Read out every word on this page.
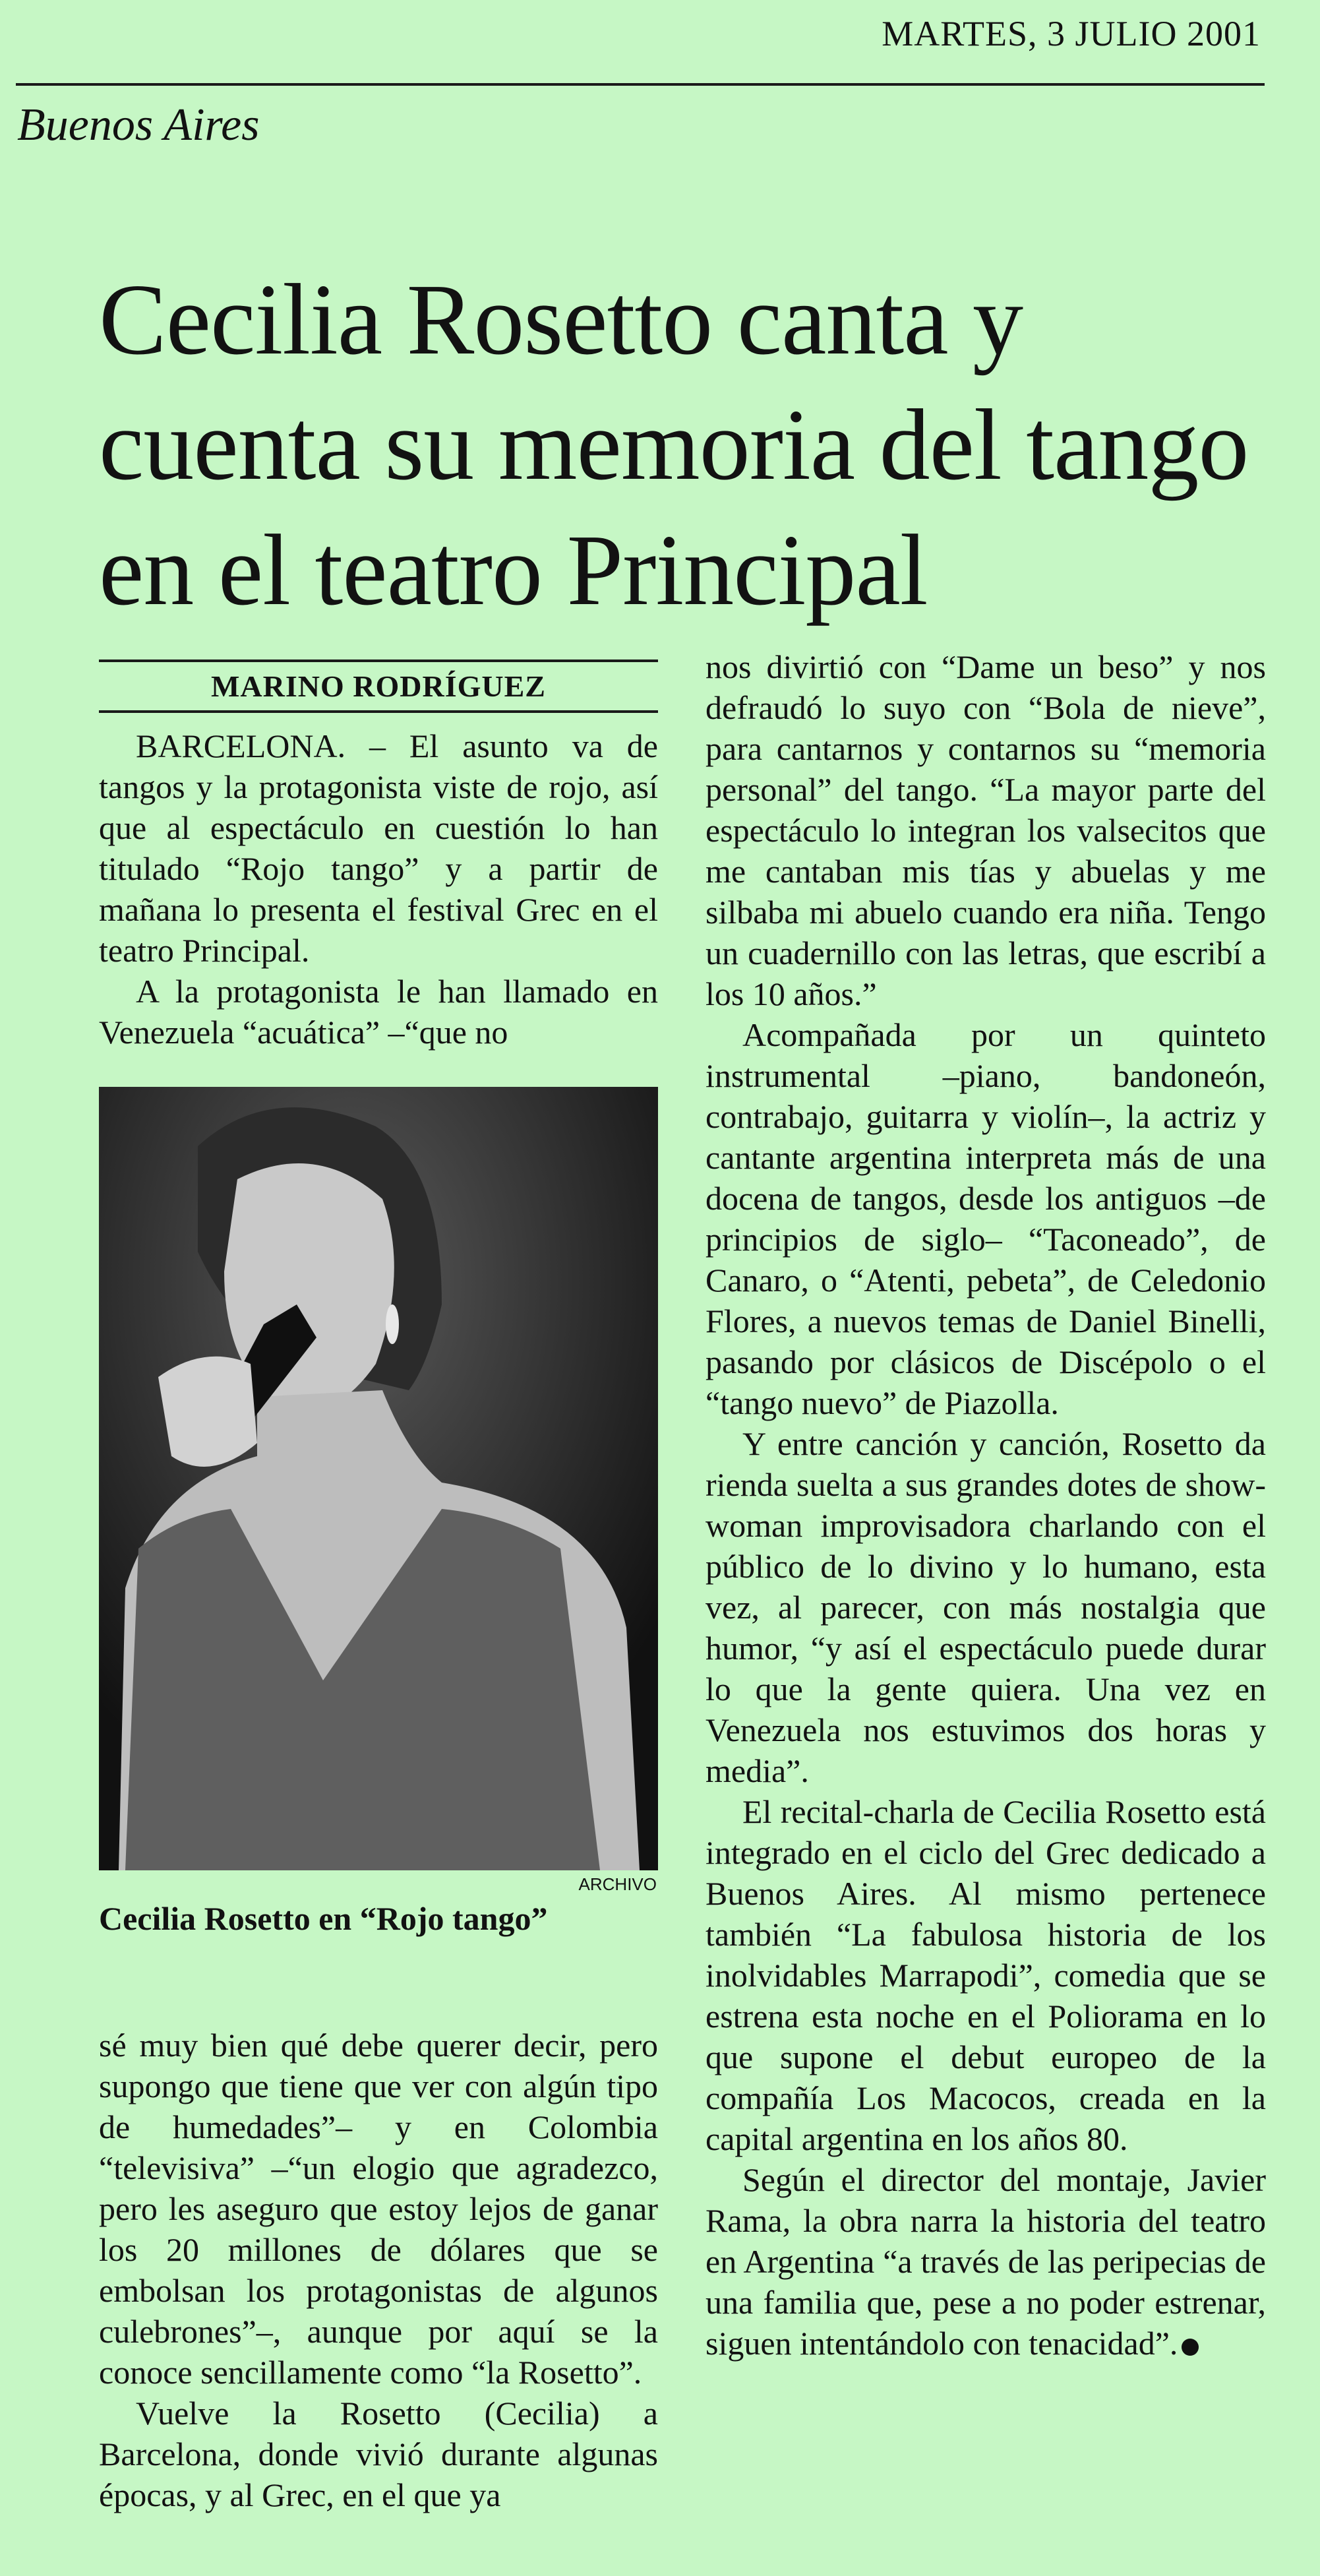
MARTES, 3 JULIO 2001
Buenos Aires
Cecilia Rosetto canta y cuenta su memoria del tango en el teatro Principal
MARINO RODRÍGUEZ

BARCELONA. – El asunto va de tangos y la protagonista viste de rojo, así que al espectáculo en cuestión lo han titulado “Rojo tango” y a partir de mañana lo presenta el festival Grec en el teatro Principal.

A la protagonista le han llamado en Venezuela “acuática” –“que no

ARCHIVO
Cecilia Rosetto en “Rojo tango”

sé muy bien qué debe querer decir, pero supongo que tiene que ver con algún tipo de humedades”– y en Colombia “televisiva” –“un elogio que agradezco, pero les aseguro que estoy lejos de ganar los 20 millones de dólares que se embolsan los protagonistas de algunos culebrones”–, aunque por aquí se la conoce sencillamente como “la Rosetto”.

Vuelve la Rosetto (Cecilia) a Barcelona, donde vivió durante algunas épocas, y al Grec, en el que ya

nos divirtió con “Dame un beso” y nos defraudó lo suyo con “Bola de nieve”, para cantarnos y contarnos su “memoria personal” del tango. “La mayor parte del espectáculo lo integran los valsecitos que me cantaban mis tías y abuelas y me silbaba mi abuelo cuando era niña. Tengo un cuadernillo con las letras, que escribí a los 10 años.”

Acompañada por un quinteto instrumental –piano, bandoneón, contrabajo, guitarra y violín–, la actriz y cantante argentina interpreta más de una docena de tangos, desde los antiguos –de principios de siglo– “Taconeado”, de Canaro, o “Atenti, pebeta”, de Celedonio Flores, a nuevos temas de Daniel Binelli, pasando por clásicos de Discépolo o el “tango nuevo” de Piazolla.

Y entre canción y canción, Rosetto da rienda suelta a sus grandes dotes de show-woman improvisadora charlando con el público de lo divino y lo humano, esta vez, al parecer, con más nostalgia que humor, “y así el espectáculo puede durar lo que la gente quiera. Una vez en Venezuela nos estuvimos dos horas y media”.

El recital-charla de Cecilia Rosetto está integrado en el ciclo del Grec dedicado a Buenos Aires. Al mismo pertenece también “La fabulosa historia de los inolvidables Marrapodi”, comedia que se estrena esta noche en el Poliorama en lo que supone el debut europeo de la compañía Los Macocos, creada en la capital argentina en los años 80.

Según el director del montaje, Javier Rama, la obra narra la historia del teatro en Argentina “a través de las peripecias de una familia que, pese a no poder estrenar, siguen intentándolo con tenacidad”.
